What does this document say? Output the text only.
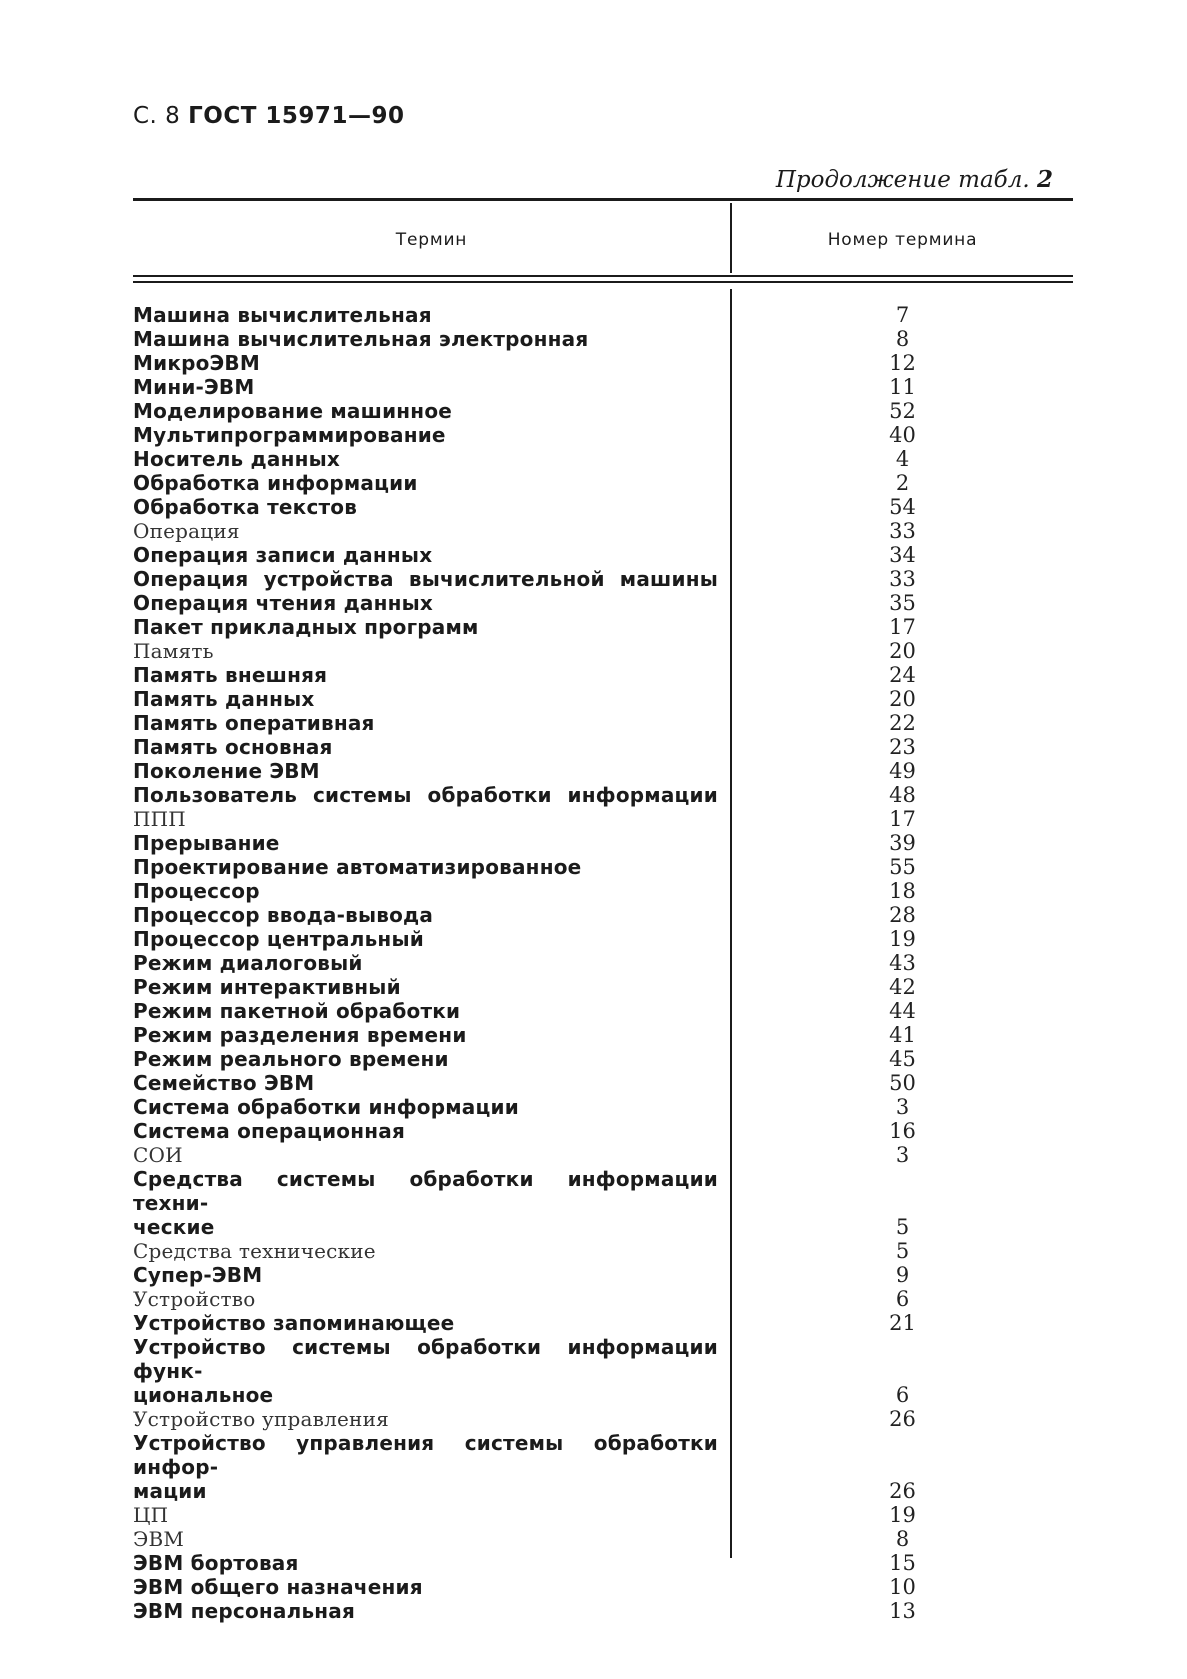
С. 8 ГОСТ 15971—90
Продолжение табл. 2
Термин	Номер термина
Машина вычислительная	7
Машина вычислительная электронная	8
МикроЭВМ	12
Мини-ЭВМ	11
Моделирование машинное	52
Мультипрограммирование	40
Носитель данных	4
Обработка информации	2
Обработка текстов	54
Операция	33
Операция записи данных	34
Операция устройства вычислительной машины	33
Операция чтения данных	35
Пакет прикладных программ	17
Память	20
Память внешняя	24
Память данных	20
Память оперативная	22
Память основная	23
Поколение ЭВМ	49
Пользователь системы обработки информации	48
ППП	17
Прерывание	39
Проектирование автоматизированное	55
Процессор	18
Процессор ввода-вывода	28
Процессор центральный	19
Режим диалоговый	43
Режим интерактивный	42
Режим пакетной обработки	44
Режим разделения времени	41
Режим реального времени	45
Семейство ЭВМ	50
Система обработки информации	3
Система операционная	16
СОИ	3
Средства системы обработки информации техни-
ческие	5
Средства технические	5
Супер-ЭВМ	9
Устройство	6
Устройство запоминающее	21
Устройство системы обработки информации функ-
циональное	6
Устройство управления	26
Устройство управления системы обработки инфор-
мации	26
ЦП	19
ЭВМ	8
ЭВМ бортовая	15
ЭВМ общего назначения	10
ЭВМ персональная	13
